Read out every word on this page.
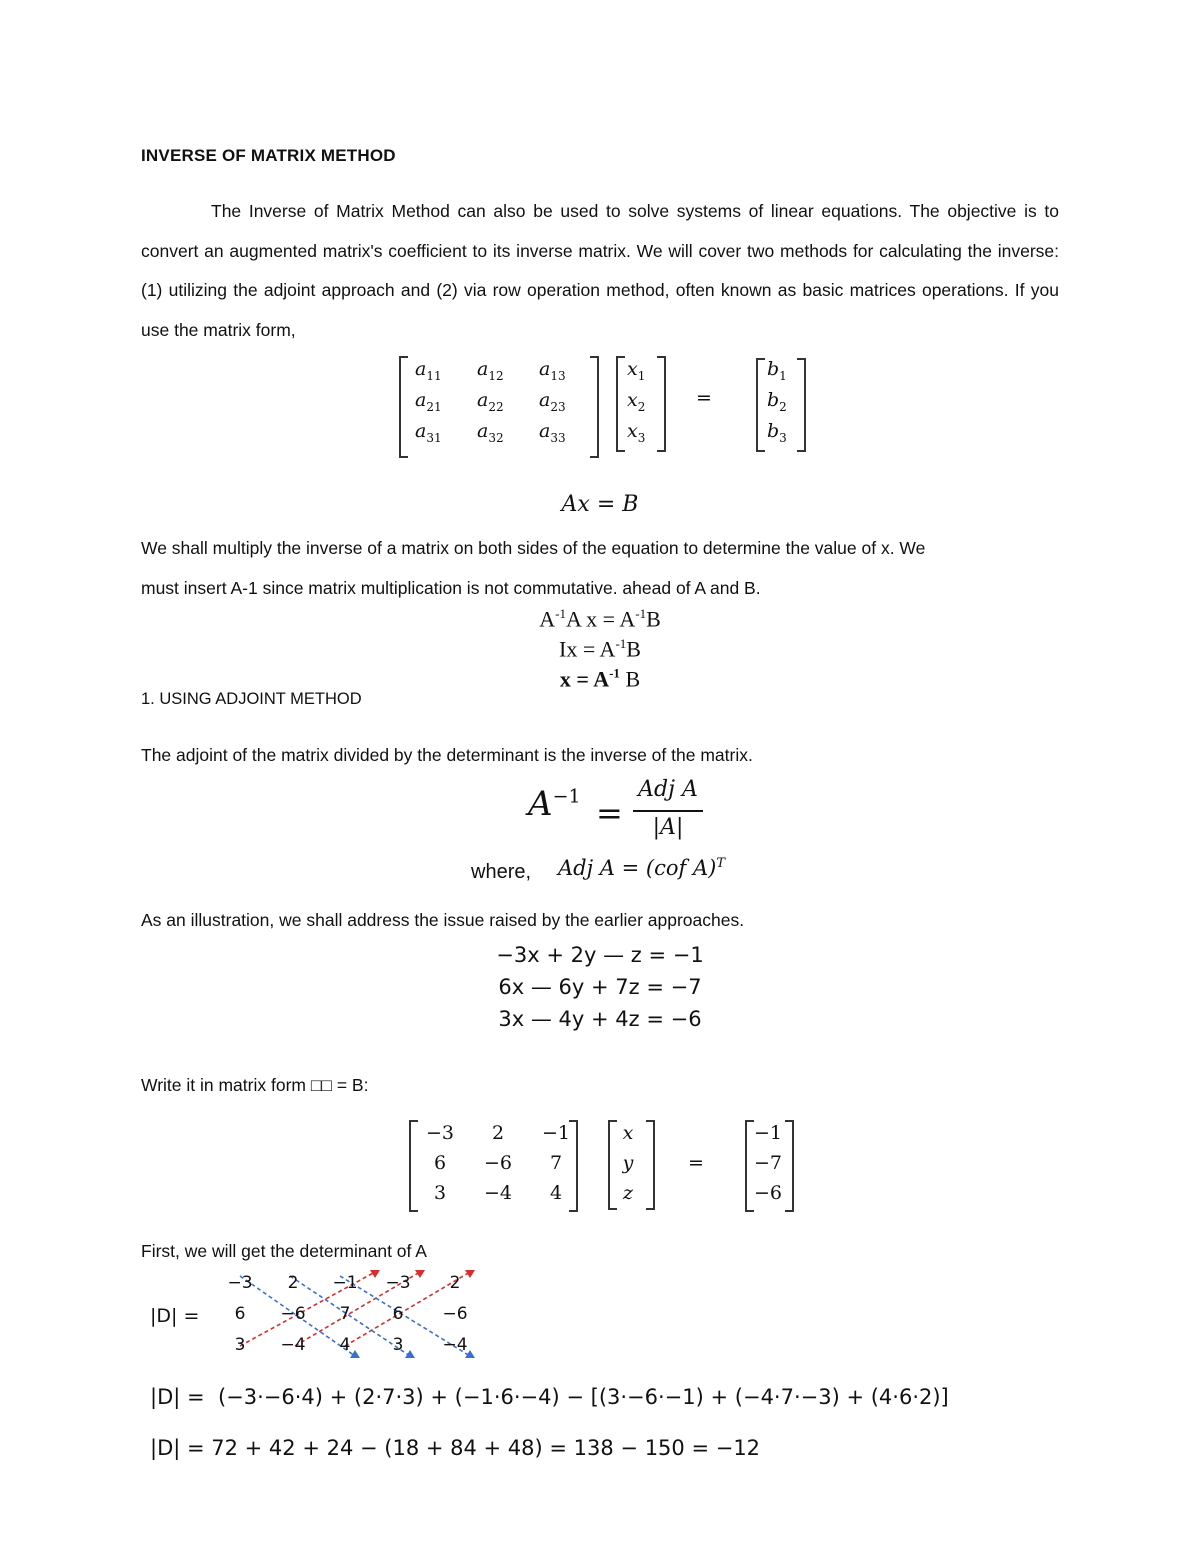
INVERSE OF MATRIX METHOD
The Inverse of Matrix Method can also be used to solve systems of linear equations. The objective is to convert an augmented matrix's coefficient to its inverse matrix. We will cover two methods for calculating the inverse: (1) utilizing the adjoint approach and (2) via row operation method, often known as basic matrices operations. If you use the matrix form,
$a_{11}$ $a_{12}$ $a_{13}$
$a_{21}$ $a_{22}$ $a_{23}$
$a_{31}$ $a_{32}$ $a_{33}$
$x_1$
$x_2$
$x_3$
=
$b_1$
$b_2$
$b_3$
Ax = B
We shall multiply the inverse of a matrix on both sides of the equation to determine the value of x. We
must insert A-1 since matrix multiplication is not commutative. ahead of A and B.
$A^{-1}A$ $x = A^{-1}B$
$Ix = A^{-1}B$
$x = A^{-1}$ B
1. USING ADJOINT METHOD
The adjoint of the matrix divided by the determinant is the inverse of the matrix.
$A^{-1}$ =
Adj A
|A|
where, Adj A = (cof A)$^T$
As an illustration, we shall address the issue raised by the earlier approaches.
−3x + 2y — z = −1
6x — 6y + 7z = −7
3x — 4y + 4z = −6
Write it in matrix form □□ = B:
−3	2	−1
6	−6	7
3	−4	4
x
y
z
=
−1
−7
−6
First, we will get the determinant of A
|D| =
−3	2	−1 −3	2
6	−6	7	6	−6
3	−4	4	3	−4
|D| = (−3·−6·4) + (2·7·3) + (−1·6·−4) − [(3·−6·−1) + (−4·7·−3) + (4·6·2)]
|D| = 72 + 42 + 24 − (18 + 84 + 48) = 138 − 150 = −12
